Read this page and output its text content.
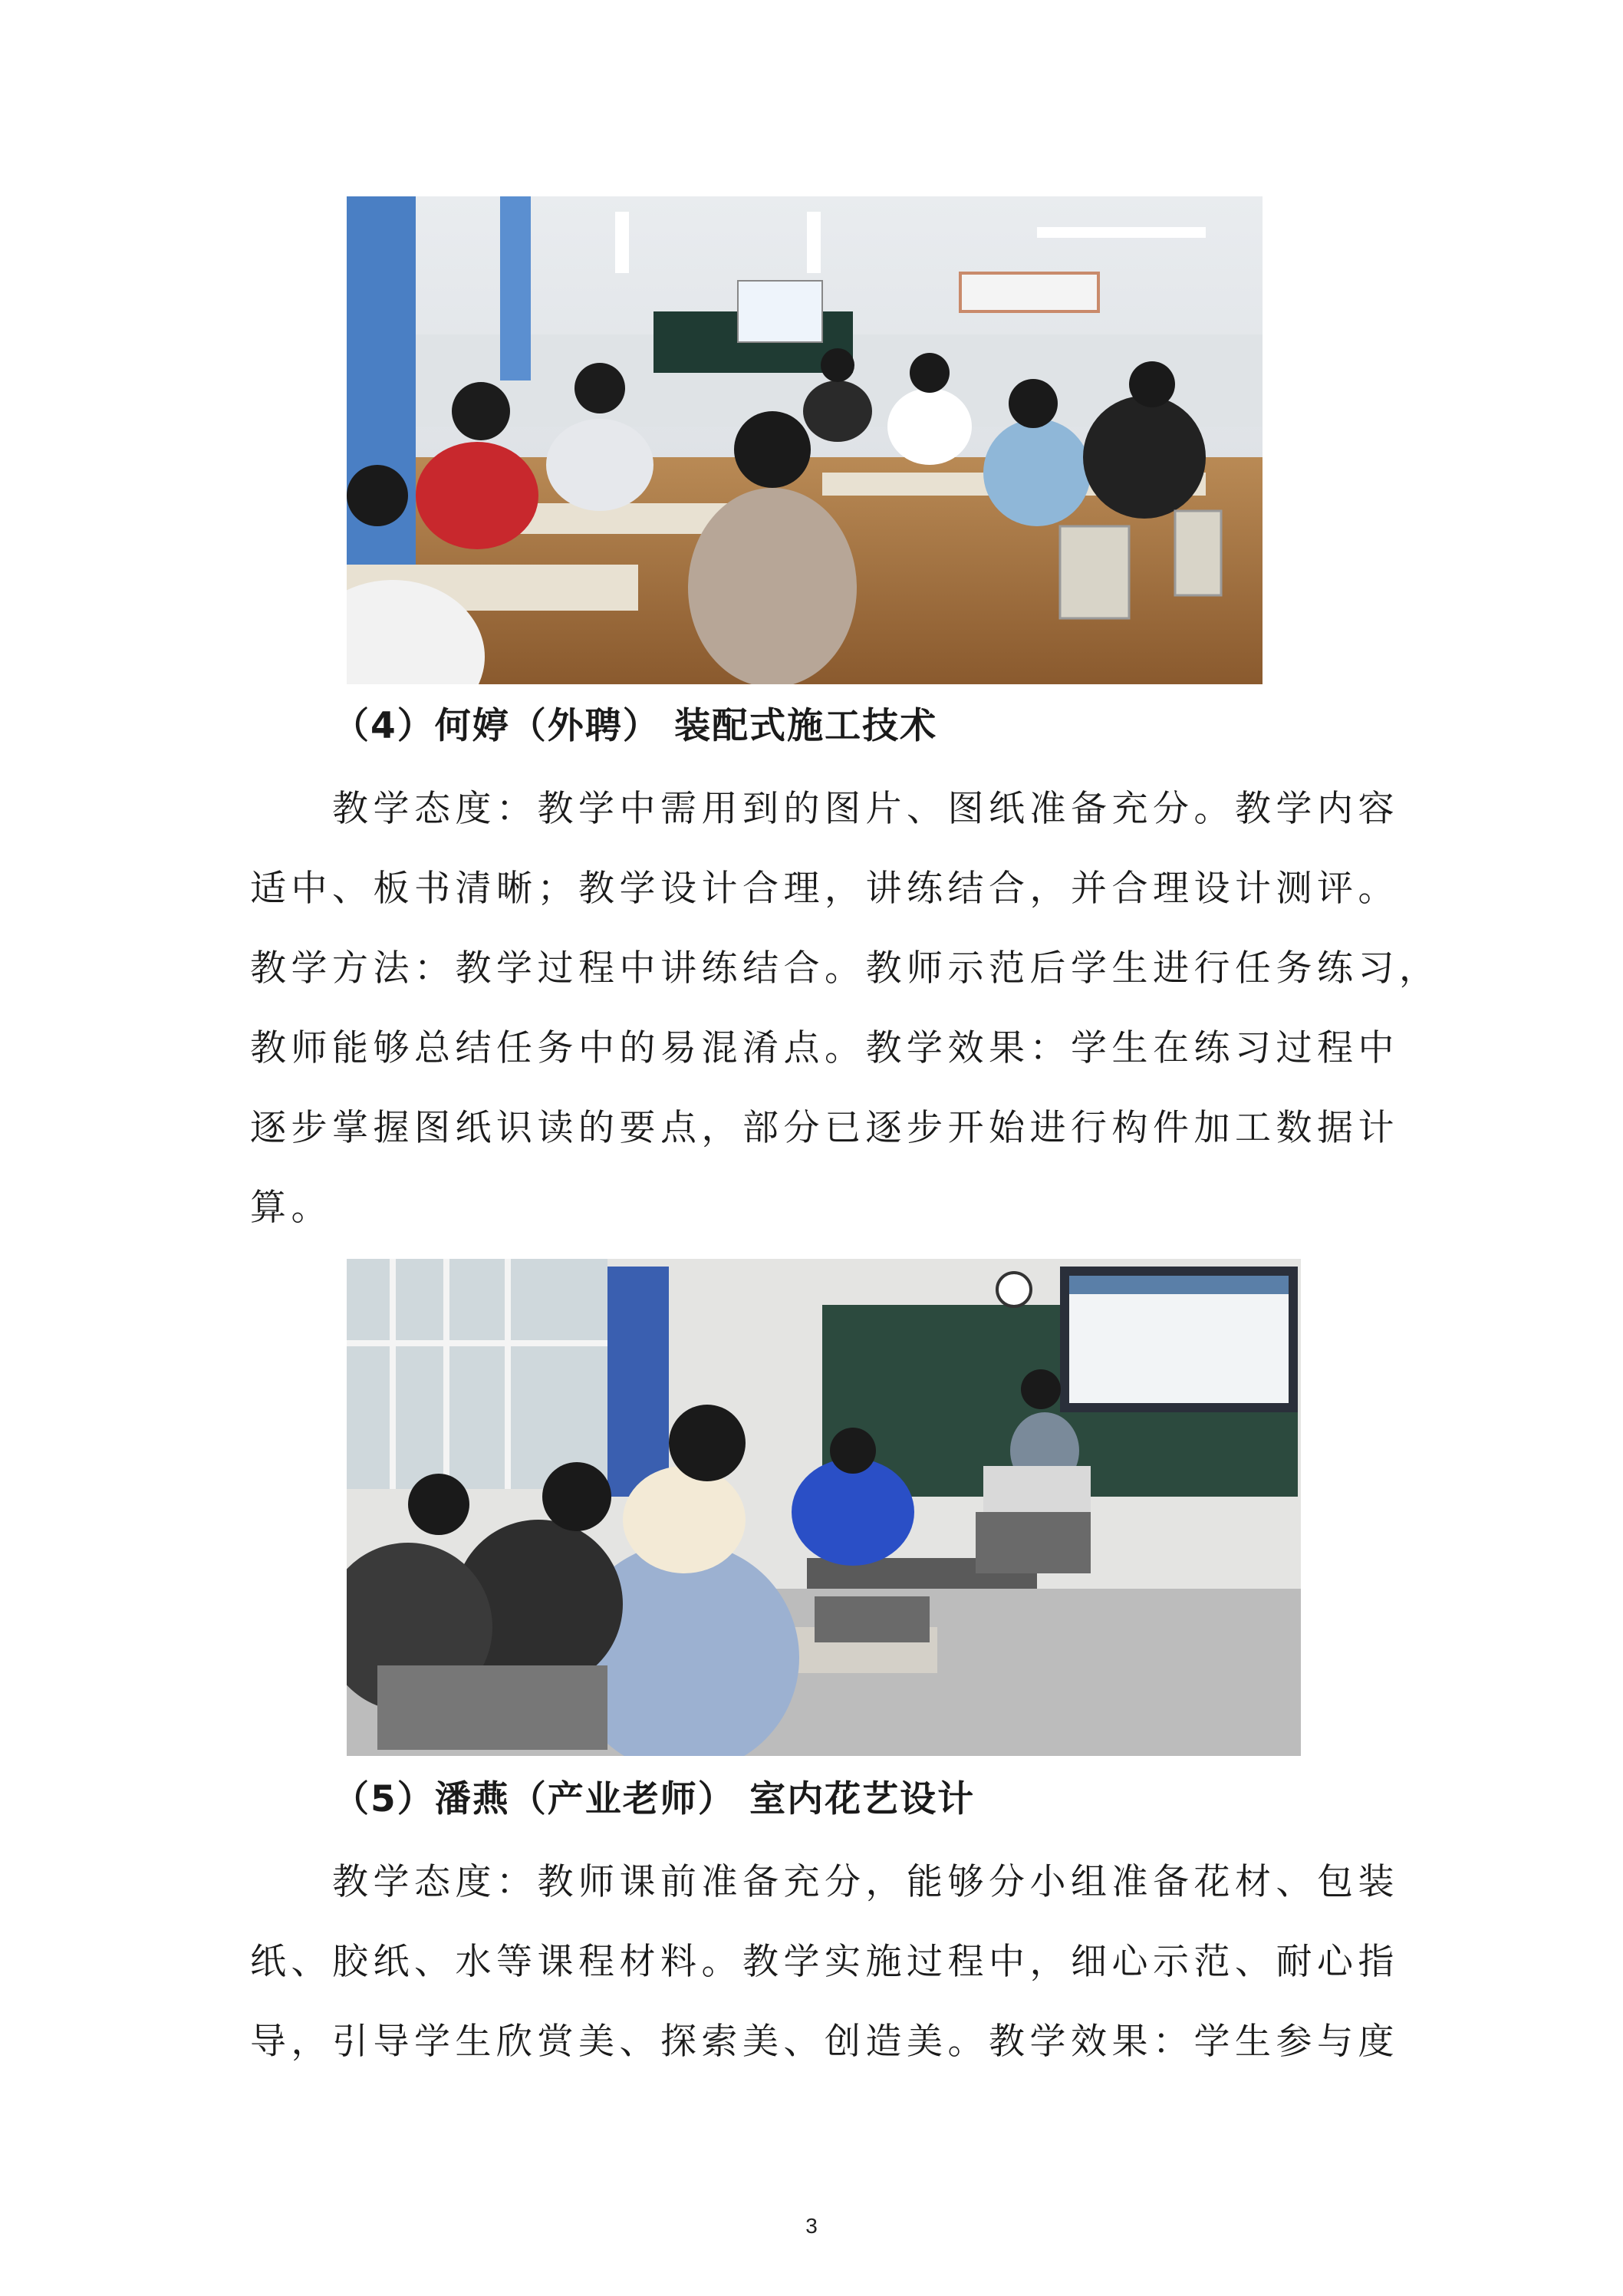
（4）何婷（外聘） 装配式施工技术
　　教学态度：教学中需用到的图片、图纸准备充分。教学内容
适中、板书清晰；教学设计合理，讲练结合，并合理设计测评。
教学方法：教学过程中讲练结合。教师示范后学生进行任务练习，
教师能够总结任务中的易混淆点。教学效果：学生在练习过程中
逐步掌握图纸识读的要点，部分已逐步开始进行构件加工数据计
算。
（5）潘燕（产业老师） 室内花艺设计
　　教学态度：教师课前准备充分，能够分小组准备花材、包装
纸、胶纸、水等课程材料。教学实施过程中，细心示范、耐心指
导，引导学生欣赏美、探索美、创造美。教学效果：学生参与度
3
